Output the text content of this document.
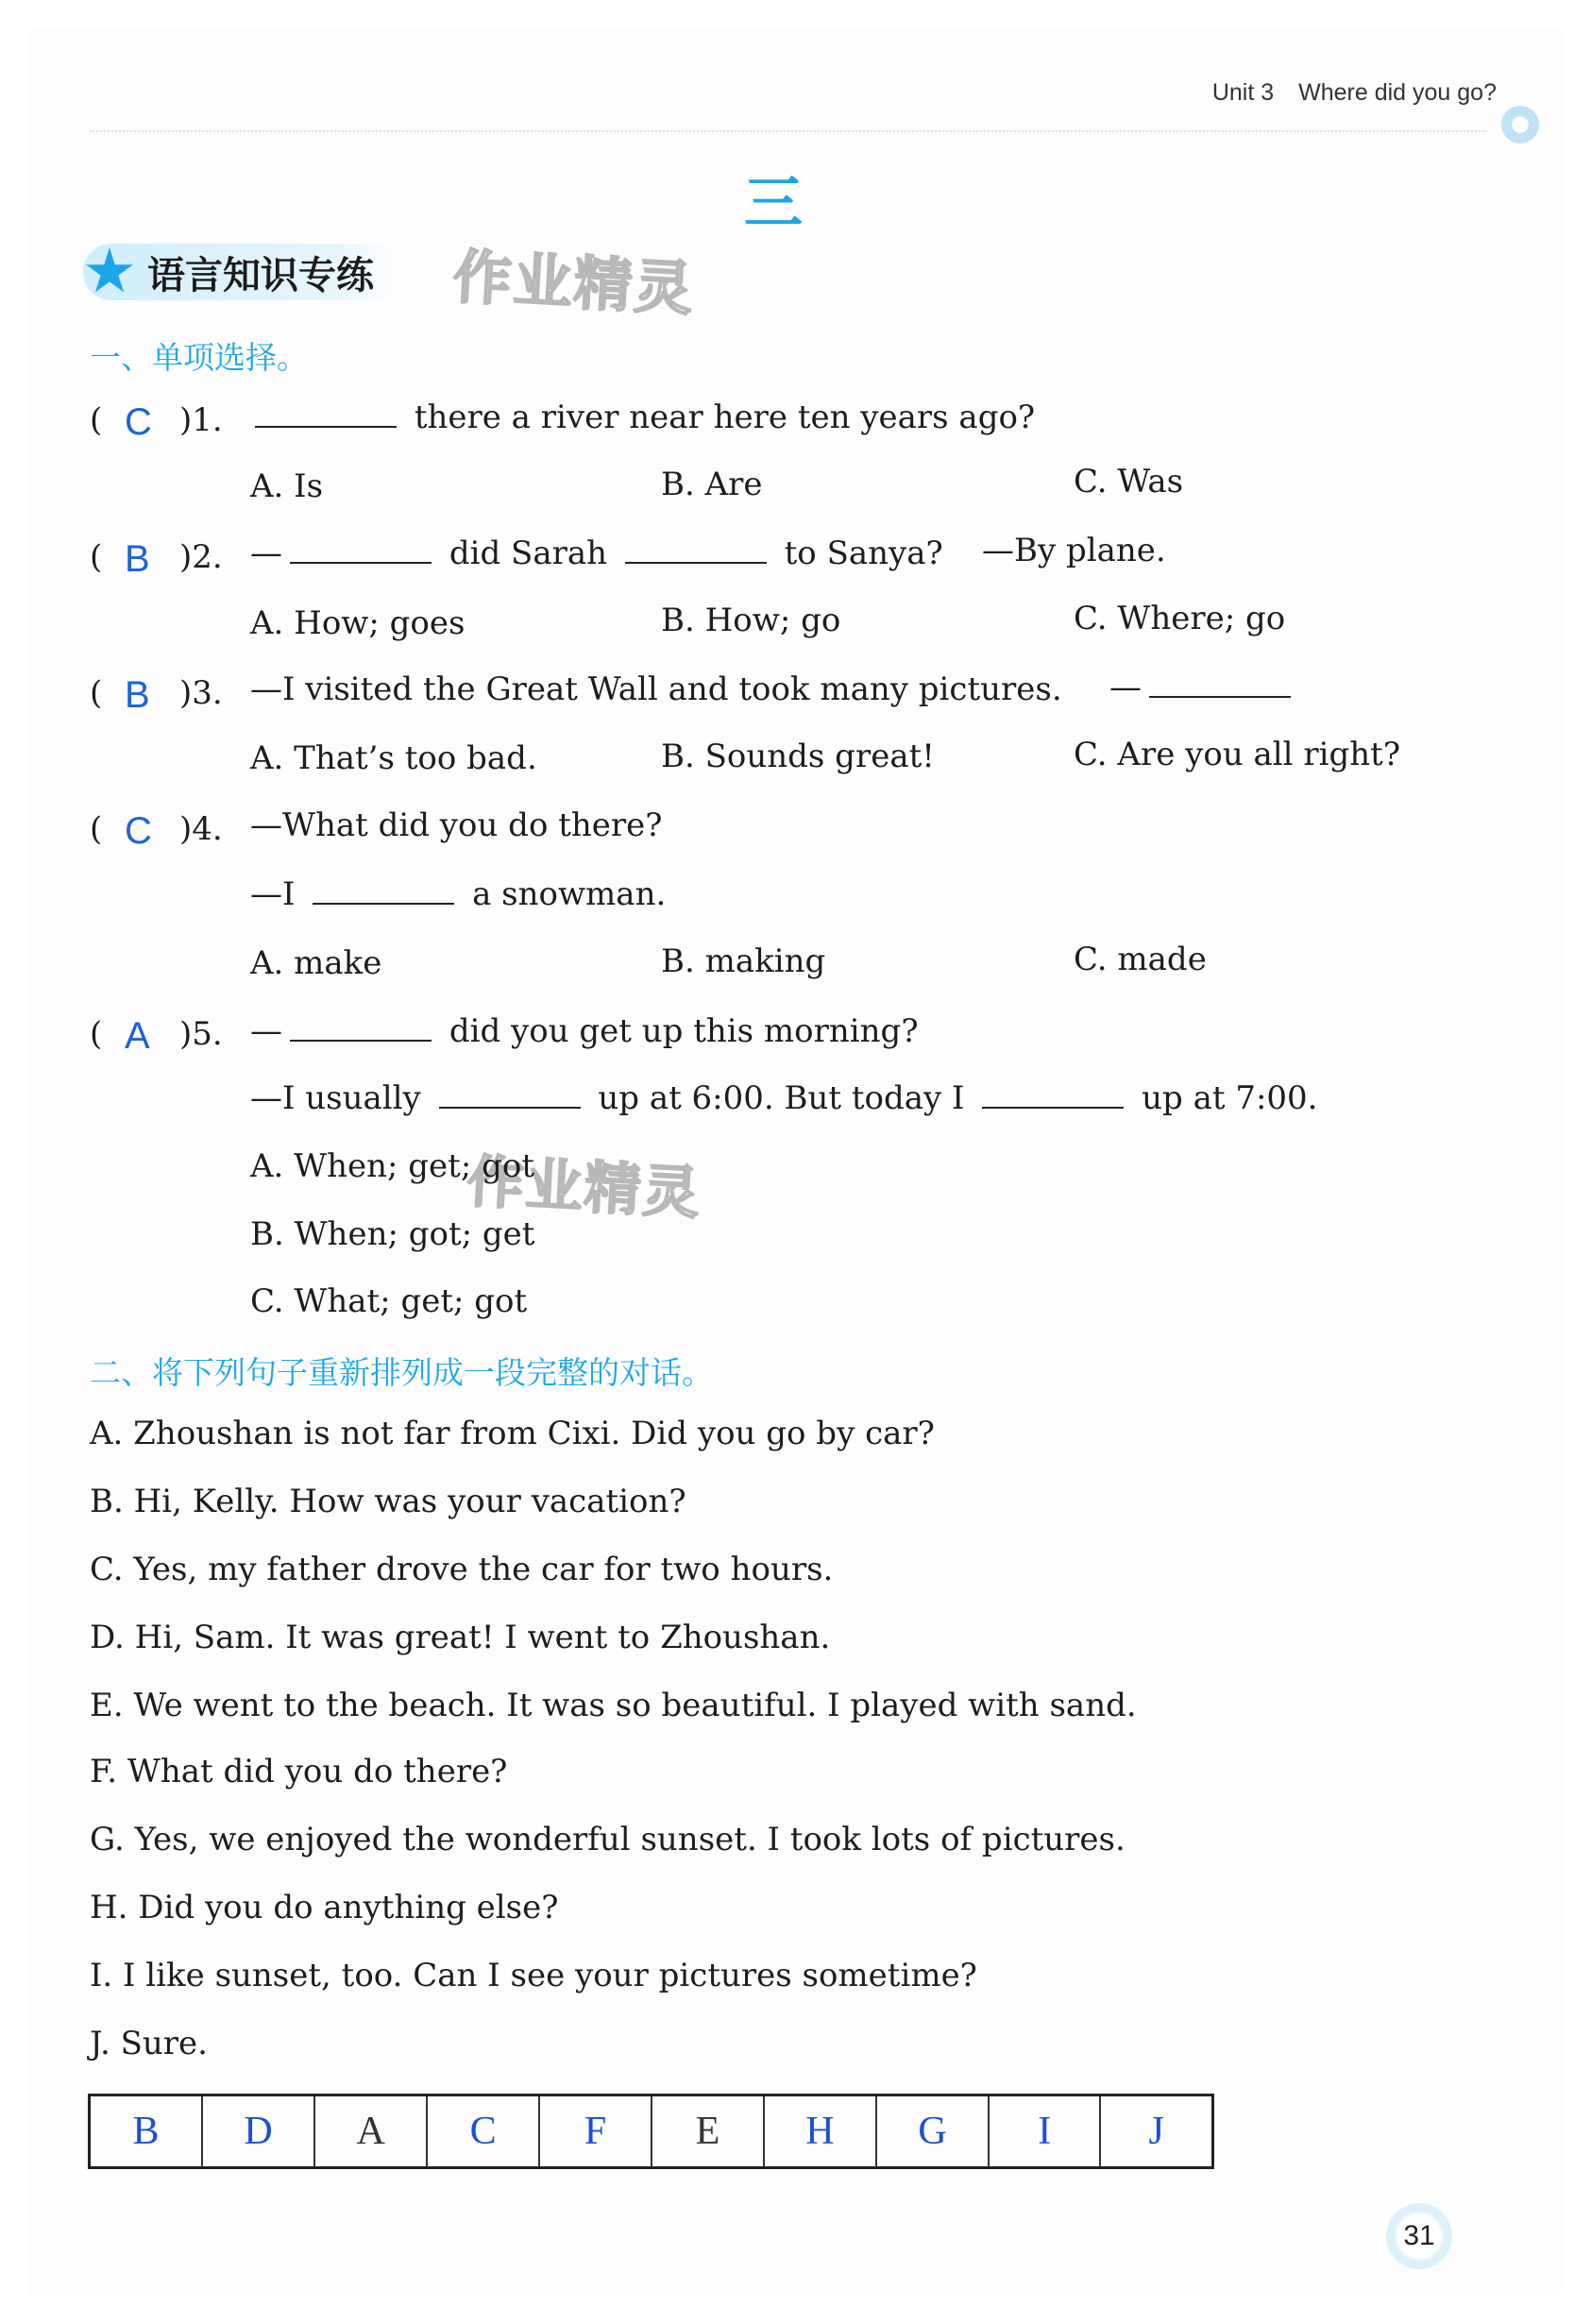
Unit 3 Where did you go?
三
语言知识专练 作业精灵
作业精灵
一、单项选择。
( C )1.	there a river near here ten years ago?
A. Is	B. Are	C. Was
( B )2. —	did Sarah	to Sanya? —By plane.
A. How; goes	B. How; go	C. Where; go
( B )3. —I visited the Great Wall and took many pictures. —
A. That’s too bad.	B. Sounds great!	C. Are you all right?
( C )4. —What did you do there?
—I	a snowman.
A. make	B. making	C. made
( A )5. —	did you get up this morning?
—I usually	up at 6:00. But today I	up at 7:00.
A. When; get; got
B. When; got; get
C. What; get; got
二、将下列句子重新排列成一段完整的对话。
A. Zhoushan is not far from Cixi. Did you go by car?
B. Hi, Kelly. How was your vacation?
C. Yes, my father drove the car for two hours.
D. Hi, Sam. It was great! I went to Zhoushan.
E. We went to the beach. It was so beautiful. I played with sand.
F. What did you do there?
G. Yes, we enjoyed the wonderful sunset. I took lots of pictures.
H. Did you do anything else?
I. I like sunset, too. Can I see your pictures sometime?
J. Sure.
B	D	A	C	F	E	H	G	I	J
31
